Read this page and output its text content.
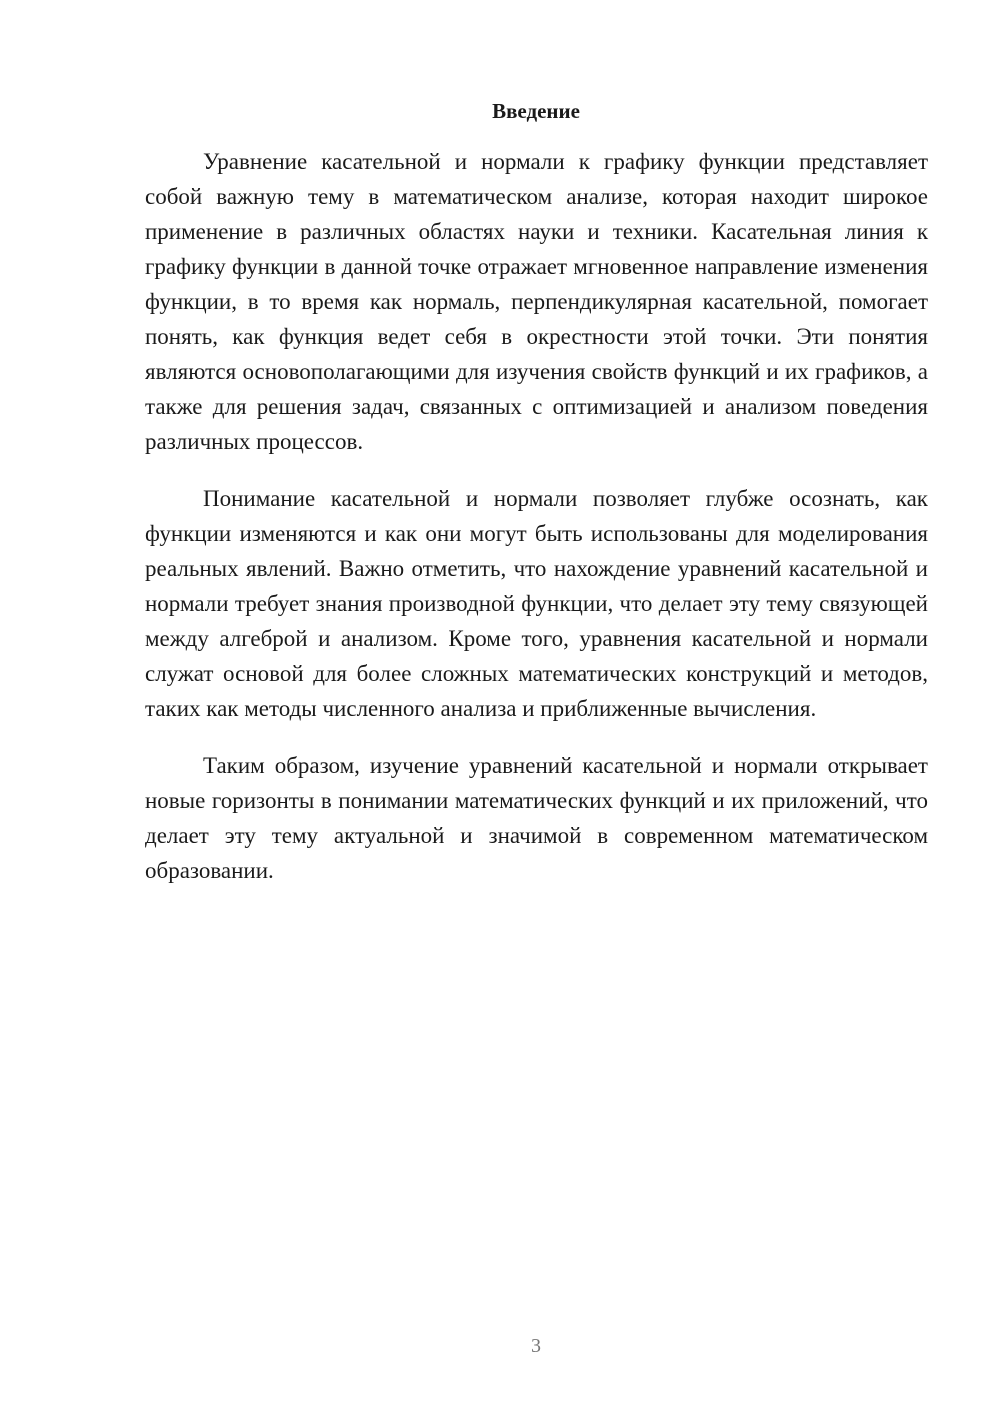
Введение

Уравнение касательной и нормали к графику функции представляет собой важную тему в математическом анализе, которая находит широкое применение в различных областях науки и техники. Касательная линия к графику функции в данной точке отражает мгновенное направление изменения функции, в то время как нормаль, перпендикулярная касательной, помогает понять, как функция ведет себя в окрестности этой точки. Эти понятия являются основополагающими для изучения свойств функций и их графиков, а также для решения задач, связанных с оптимизацией и анализом поведения различных процессов.

Понимание касательной и нормали позволяет глубже осознать, как функции изменяются и как они могут быть использованы для моделирования реальных явлений. Важно отметить, что нахождение уравнений касательной и нормали требует знания производной функции, что делает эту тему связующей между алгеброй и анализом. Кроме того, уравнения касательной и нормали служат основой для более сложных математических конструкций и методов, таких как методы численного анализа и приближенные вычисления.

Таким образом, изучение уравнений касательной и нормали открывает новые горизонты в понимании математических функций и их приложений, что делает эту тему актуальной и значимой в современном математическом образовании.

3
